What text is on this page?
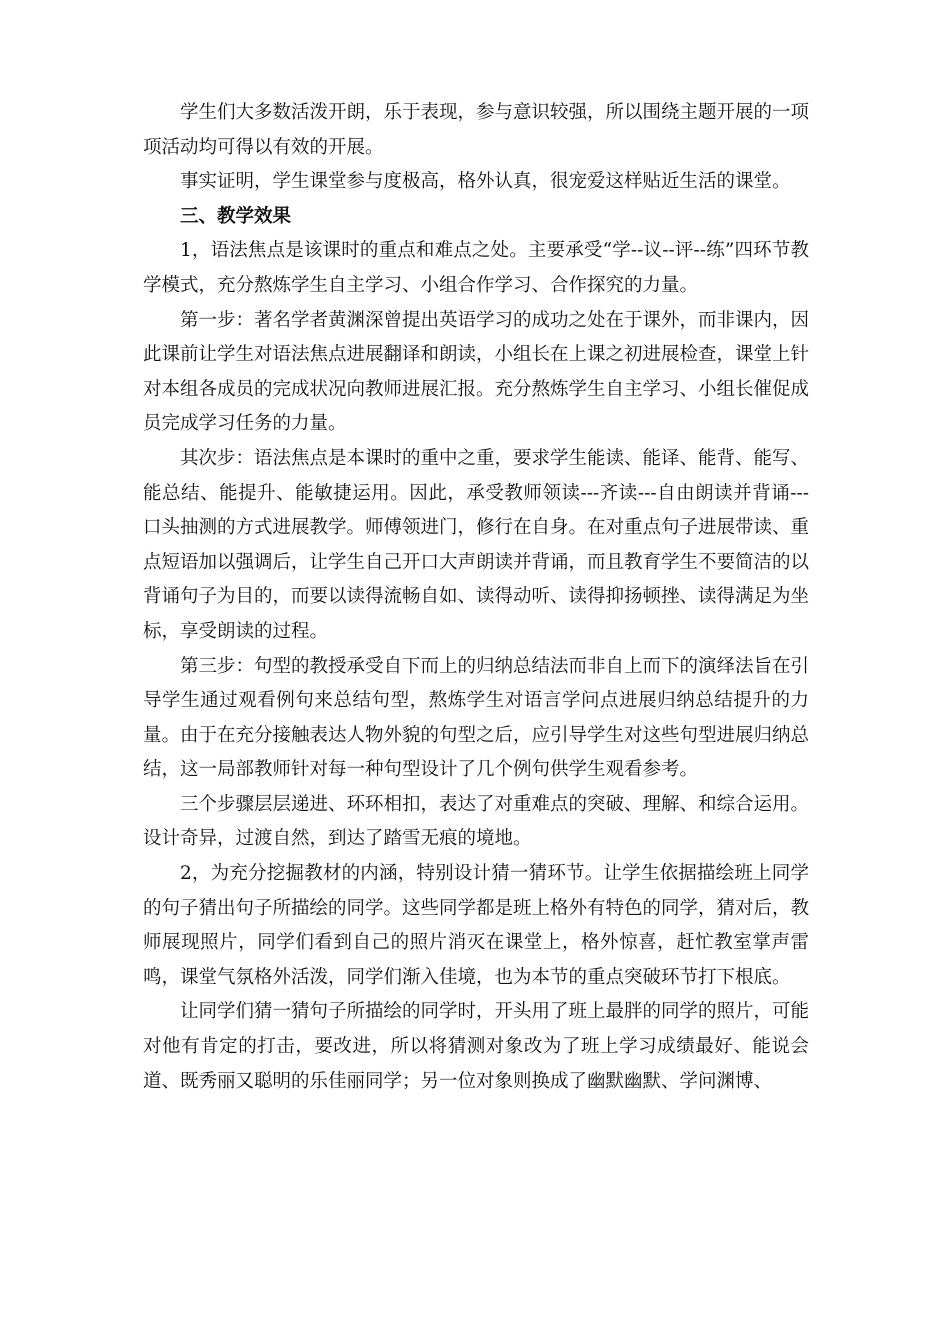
学生们大多数活泼开朗，乐于表现，参与意识较强，所以围绕主题开展的一项项活动均可得以有效的开展。

事实证明，学生课堂参与度极高，格外认真，很宠爱这样贴近生活的课堂。

三、教学效果

1，语法焦点是该课时的重点和难点之处。主要承受“学--议--评--练”四环节教学模式，充分熬炼学生自主学习、小组合作学习、合作探究的力量。

第一步：著名学者黄渊深曾提出英语学习的成功之处在于课外，而非课内，因此课前让学生对语法焦点进展翻译和朗读，小组长在上课之初进展检查，课堂上针对本组各成员的完成状况向教师进展汇报。充分熬炼学生自主学习、小组长催促成员完成学习任务的力量。

其次步：语法焦点是本课时的重中之重，要求学生能读、能译、能背、能写、能总结、能提升、能敏捷运用。因此，承受教师领读---齐读---自由朗读并背诵---口头抽测的方式进展教学。师傅领进门，修行在自身。在对重点句子进展带读、重点短语加以强调后，让学生自己开口大声朗读并背诵，而且教育学生不要简洁的以背诵句子为目的，而要以读得流畅自如、读得动听、读得抑扬顿挫、读得满足为坐标，享受朗读的过程。

第三步：句型的教授承受自下而上的归纳总结法而非自上而下的演绎法旨在引导学生通过观看例句来总结句型，熬炼学生对语言学问点进展归纳总结提升的力量。由于在充分接触表达人物外貌的句型之后，应引导学生对这些句型进展归纳总结，这一局部教师针对每一种句型设计了几个例句供学生观看参考。

三个步骤层层递进、环环相扣，表达了对重难点的突破、理解、和综合运用。设计奇异，过渡自然，到达了踏雪无痕的境地。

2，为充分挖掘教材的内涵，特别设计猜一猜环节。让学生依据描绘班上同学的句子猜出句子所描绘的同学。这些同学都是班上格外有特色的同学，猜对后，教师展现照片，同学们看到自己的照片消灭在课堂上，格外惊喜，赶忙教室掌声雷鸣，课堂气氛格外活泼，同学们渐入佳境，也为本节的重点突破环节打下根底。

让同学们猜一猜句子所描绘的同学时，开头用了班上最胖的同学的照片，可能对他有肯定的打击，要改进，所以将猜测对象改为了班上学习成绩最好、能说会道、既秀丽又聪明的乐佳丽同学；另一位对象则换成了幽默幽默、学问渊博、
